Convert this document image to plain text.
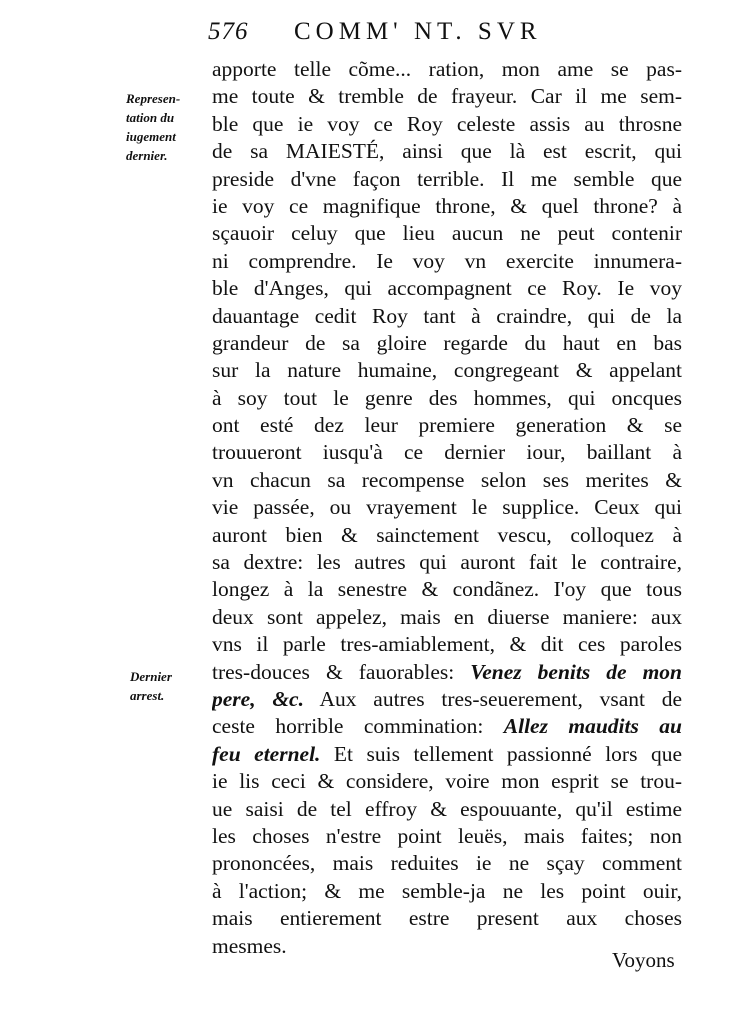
576 COMM' NT. SVR
Represen-
tation du
iugement
dernier.
Dernier
arrest.
apporte telle cõme... ration, mon ame se pas-
me toute & tremble de frayeur. Car il me sem-
ble que ie voy ce Roy celeste assis au throsne
de sa MAIESTÉ, ainsi que là est escrit, qui
preside d'vne façon terrible. Il me semble que
ie voy ce magnifique throne, & quel throne? à
sçauoir celuy que lieu aucun ne peut contenir
ni comprendre. Ie voy vn exercite innumera-
ble d'Anges, qui accompagnent ce Roy. Ie voy
dauantage cedit Roy tant à craindre, qui de la
grandeur de sa gloire regarde du haut en bas
sur la nature humaine, congregeant & appelant
à soy tout le genre des hommes, qui oncques
ont esté dez leur premiere generation & se
trouueront iusqu'à ce dernier iour, baillant à
vn chacun sa recompense selon ses merites &
vie passée, ou vrayement le supplice. Ceux qui
auront bien & sainctement vescu, colloquez à
sa dextre: les autres qui auront fait le contraire,
longez à la senestre & condãnez. I'oy que tous
deux sont appelez, mais en diuerse maniere: aux
vns il parle tres-amiablement, & dit ces paroles
tres-douces & fauorables: Venez benits de mon
pere, &c. Aux autres tres-seuerement, vsant de
ceste horrible commination: Allez maudits au
feu eternel. Et suis tellement passionné lors que
ie lis ceci & considere, voire mon esprit se trou-
ue saisi de tel effroy & espouuante, qu'il estime
les choses n'estre point leuës, mais faites; non
prononcées, mais reduites ie ne sçay comment
à l'action; & me semble-ja ne les point ouir,
mais entierement estre present aux choses
mesmes.
Voyons
